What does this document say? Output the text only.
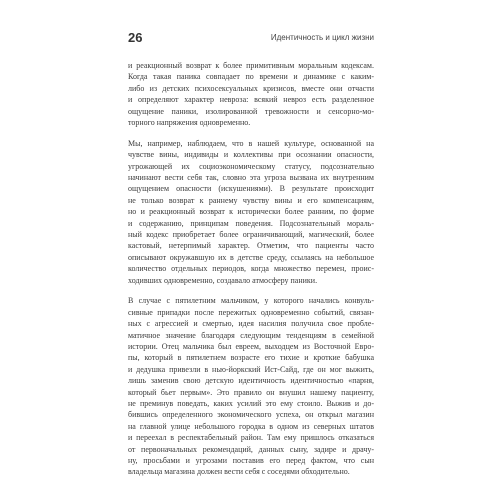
26	Идентичность и цикл жизни
и реакционный возврат к более примитивным моральным кодексам.
Когда такая паника совпадает по времени и динамике с каким-
либо из детских психосексуальных кризисов, вместе они отчасти
и определяют характер невроза: всякий невроз есть разделенное
ощущение паники, изолированной тревожности и сенсорно-мо-
торного напряжения одновременно.
Мы, например, наблюдаем, что в нашей культуре, основанной на
чувстве вины, индивиды и коллективы при осознании опасности,
угрожающей их социоэкономическому статусу, подсознательно
начинают вести себя так, словно эта угроза вызвана их внутренним
ощущением опасности (искушениями). В результате происходит
не только возврат к раннему чувству вины и его компенсациям,
но и реакционный возврат к исторически более ранним, по форме
и содержанию, принципам поведения. Подсознательный мораль-
ный кодекс приобретает более ограничивающий, магический, более
кастовый, нетерпимый характер. Отметим, что пациенты часто
описывают окружавшую их в детстве среду, ссылаясь на небольшое
количество отдельных периодов, когда множество перемен, проис-
ходивших одновременно, создавало атмосферу паники.
В случае с пятилетним мальчиком, у которого начались конвуль-
сивные припадки после пережитых одновременно событий, связан-
ных с агрессией и смертью, идея насилия получила свое проблe-
матичное значение благодаря следующим тенденциям в семейной
истории. Отец мальчика был евреем, выходцем из Восточной Евро-
пы, который в пятилетнем возрасте его тихие и кроткие бабушка
и дедушка привезли в нью-йоркский Ист-Сайд, где он мог выжить,
лишь заменив свою детскую идентичность идентичностью «парня,
который бьет первым». Это правило он внушил нашему пациенту,
не преминув поведать, каких усилий это ему стоило. Выжив и до-
бившись определенного экономического успеха, он открыл магазин
на главной улице небольшого городка в одном из северных штатов
и переехал в респектабельный район. Там ему пришлось отказаться
от первоначальных рекомендаций, данных сыну, задире и драчу-
ну, просьбами и угрозами поставив его перед фактом, что сын
владельца магазина должен вести себя с соседями обходительно.
